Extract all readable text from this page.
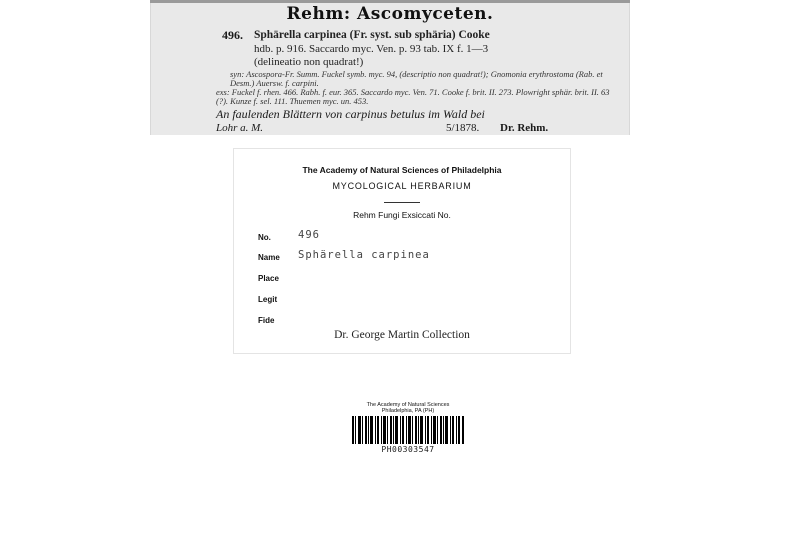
Rehm: Ascomyceten.
496. Sphärella carpinea (Fr. syst. sub sphäria) Cooke
hdb. p. 916. Saccardo myc. Ven. p. 93 tab. IX f. 1—3
(delineatio non quadrat!)
syn: Ascospora-Fr. Summ. Fuckel symb. myc. 94, (descriptio non quadrat!); Gnomonia erythrostoma (Rab. et Desm.) Auersw. f. carpini.
exs: Fuckel f. rhen. 466. Rabh. f. eur. 365. Saccardo myc. Ven. 71. Cooke f. brit. II. 273. Plowright sphär. brit. II. 63 (?). Kunze f. sel. 111. Thuemen myc. un. 453.
An faulenden Blättern von carpinus betulus im Wald bei
Lohr a. M.	5/1878. Dr. Rehm.
The Academy of Natural Sciences of Philadelphia
MYCOLOGICAL HERBARIUM
Rehm Fungi Exsiccati No.
No.	496
Name Sphärella carpinea
Place
Legit
Fide
Dr. George Martin Collection
The Academy of Natural Sciences
Philadelphia, PA (PH)
PH00303547
